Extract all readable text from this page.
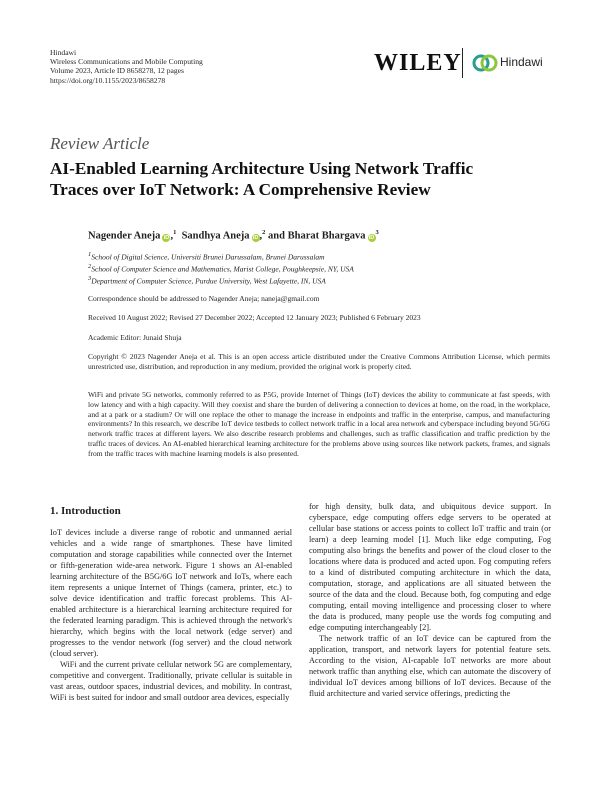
Hindawi
Wireless Communications and Mobile Computing
Volume 2023, Article ID 8658278, 12 pages
https://doi.org/10.1155/2023/8658278
WILEY	Hindawi
Review Article
AI-Enabled Learning Architecture Using Network Traffic Traces over IoT Network: A Comprehensive Review
Nagender Aneja iD,$^1$ Sandhya Aneja iD,$^2$ and Bharat Bhargava $iD^3$
$^1$School of Digital Science, Universiti Brunei Darussalam, Brunei Darussalam
$^2$School of Computer Science and Mathematics, Marist College, Poughkeepsie, NY, USA
$^3$Department of Computer Science, Purdue University, West Lafayette, IN, USA
Correspondence should be addressed to Nagender Aneja; naneja@gmail.com
Received 10 August 2022; Revised 27 December 2022; Accepted 12 January 2023; Published 6 February 2023
Academic Editor: Junaid Shuja
Copyright © 2023 Nagender Aneja et al. This is an open access article distributed under the Creative Commons Attribution License, which permits unrestricted use, distribution, and reproduction in any medium, provided the original work is properly cited.
WiFi and private 5G networks, commonly referred to as P5G, provide Internet of Things (IoT) devices the ability to communicate at fast speeds, with low latency and with a high capacity. Will they coexist and share the burden of delivering a connection to devices at home, on the road, in the workplace, and at a park or a stadium? Or will one replace the other to manage the increase in endpoints and traffic in the enterprise, campus, and manufacturing environments? In this research, we describe IoT device testbeds to collect network traffic in a local area network and cyberspace including beyond 5G/6G network traffic traces at different layers. We also describe research problems and challenges, such as traffic classification and traffic prediction by the traffic traces of devices. An AI-enabled hierarchical learning architecture for the problems above using sources like network packets, frames, and signals from the traffic traces with machine learning models is also presented.
1. Introduction

IoT devices include a diverse range of robotic and unmanned aerial vehicles and a wide range of smartphones. These have limited computation and storage capabilities while connected over the Internet or fifth-generation wide-area network. Figure 1 shows an AI-enabled learning architecture of the B5G/6G IoT network and IoTs, where each item represents a unique Internet of Things (camera, printer, etc.) to solve device identification and traffic forecast problems. This AI-enabled architecture is a hierarchical learning architecture required for the federated learning paradigm. This is achieved through the network's hierarchy, which begins with the local network (edge server) and progresses to the vendor network (fog server) and the cloud network (cloud server).

WiFi and the current private cellular network 5G are complementary, competitive and convergent. Traditionally, private cellular is suitable in vast areas, outdoor spaces, industrial devices, and mobility. In contrast, WiFi is best suited for indoor and small outdoor area devices, especially

for high density, bulk data, and ubiquitous device support. In cyberspace, edge computing offers edge servers to be operated at cellular base stations or access points to collect IoT traffic and train (or learn) a deep learning model [1]. Much like edge computing, Fog computing also brings the benefits and power of the cloud closer to the locations where data is produced and acted upon. Fog computing refers to a kind of distributed computing architecture in which the data, computation, storage, and applications are all situated between the source of the data and the cloud. Because both, fog computing and edge computing, entail moving intelligence and processing closer to where the data is produced, many people use the words fog computing and edge computing interchangeably [2].

The network traffic of an IoT device can be captured from the application, transport, and network layers for potential feature sets. According to the vision, AI-capable IoT networks are more about network traffic than anything else, which can automate the discovery of individual IoT devices among billions of IoT devices. Because of the fluid architecture and varied service offerings, predicting the
